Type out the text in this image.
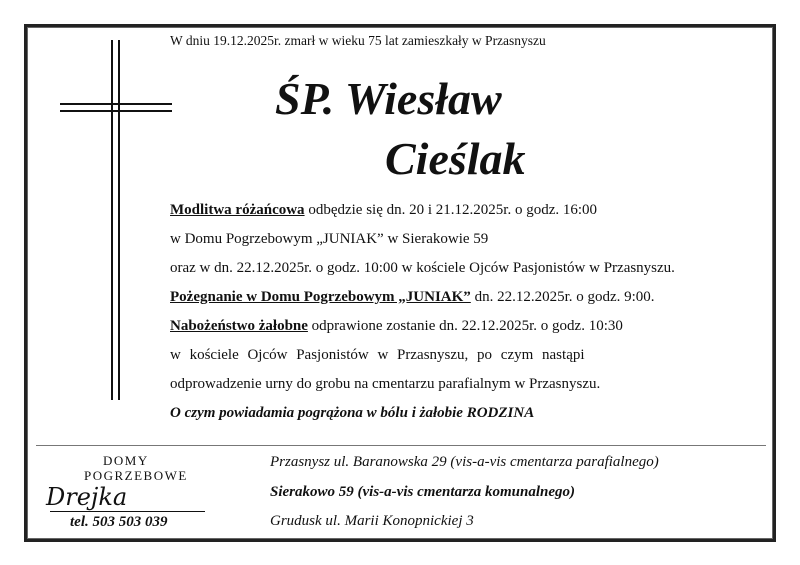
W dniu 19.12.2025r. zmarł w wieku 75 lat zamieszkały w Przasnyszu
ŚP. Wiesław
Cieślak
Modlitwa różańcowa odbędzie się dn. 20 i 21.12.2025r. o godz. 16:00
w Domu Pogrzebowym „JUNIAK” w Sierakowie 59
oraz w dn. 22.12.2025r. o godz. 10:00 w kościele Ojców Pasjonistów w Przasnyszu.
Pożegnanie w Domu Pogrzebowym „JUNIAK” dn. 22.12.2025r. o godz. 9:00.
Nabożeństwo żałobne odprawione zostanie dn. 22.12.2025r. o godz. 10:30
w kościele Ojców Pasjonistów w Przasnyszu, po czym nastąpi
odprowadzenie urny do grobu na cmentarzu parafialnym w Przasnyszu.
O czym powiadamia pogrążona w bólu i żałobie RODZINA
DOMY
POGRZEBOWE
Drejka
tel. 503 503 039
Przasnysz ul. Baranowska 29 (vis-a-vis cmentarza parafialnego)
Sierakowo 59 (vis-a-vis cmentarza komunalnego)
Grudusk ul. Marii Konopnickiej 3
